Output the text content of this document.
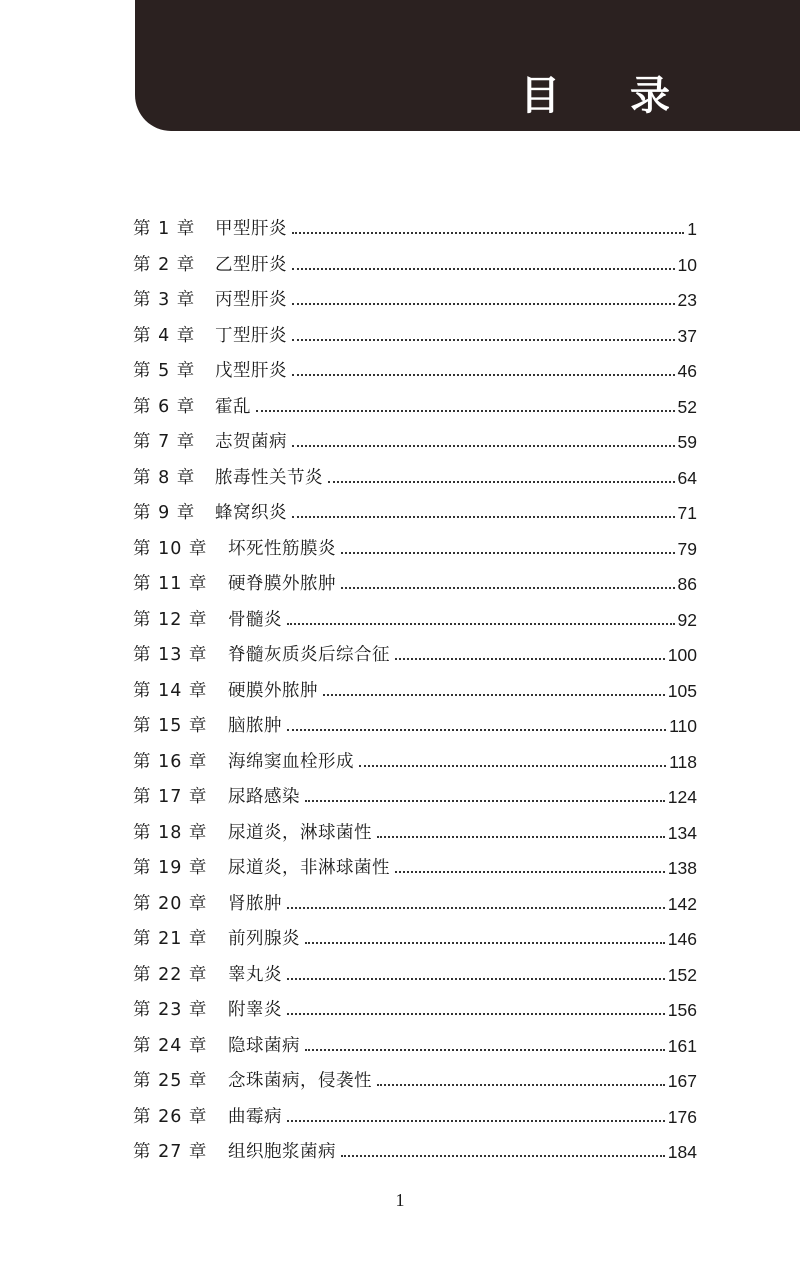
目 录
第 1 章	甲型肝炎	1
第 2 章	乙型肝炎	10
第 3 章	丙型肝炎	23
第 4 章	丁型肝炎	37
第 5 章	戊型肝炎	46
第 6 章	霍乱	52
第 7 章	志贺菌病	59
第 8 章	脓毒性关节炎	64
第 9 章	蜂窝织炎	71
第 10 章	坏死性筋膜炎	79
第 11 章	硬脊膜外脓肿	86
第 12 章	骨髓炎	92
第 13 章	脊髓灰质炎后综合征	100
第 14 章	硬膜外脓肿	105
第 15 章	脑脓肿	110
第 16 章	海绵窦血栓形成	118
第 17 章	尿路感染	124
第 18 章	尿道炎，淋球菌性	134
第 19 章	尿道炎，非淋球菌性	138
第 20 章	肾脓肿	142
第 21 章	前列腺炎	146
第 22 章	睾丸炎	152
第 23 章	附睾炎	156
第 24 章	隐球菌病	161
第 25 章	念珠菌病，侵袭性	167
第 26 章	曲霉病	176
第 27 章	组织胞浆菌病	184
1
